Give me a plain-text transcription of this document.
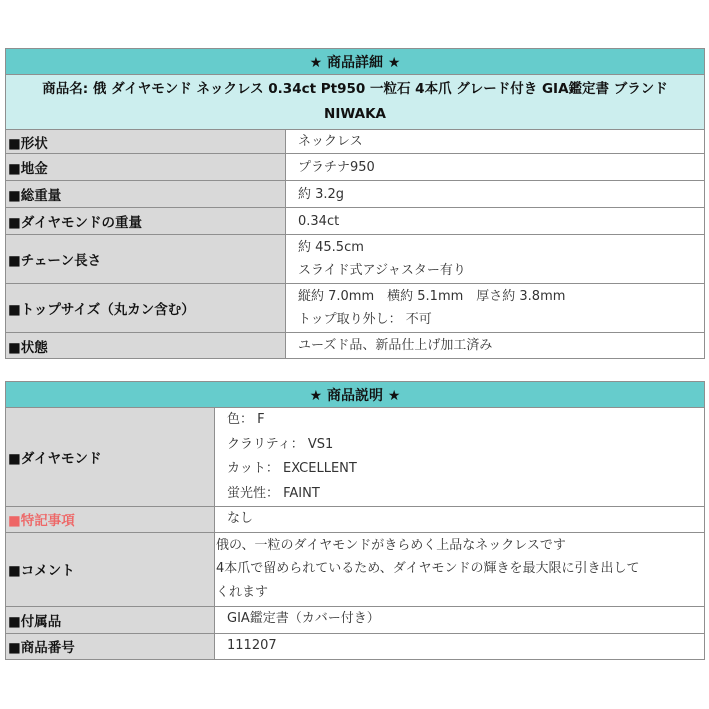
★ 商品詳細 ★	
商品名: 俄 ダイヤモンド ネックレス 0.34ct Pt950 一粒石 4本爪 グレード付き GIA鑑定書 ブランド NIWAKA	
■形状	ネックレス

■地金	プラチナ950

■総重量	約 3.2g

■ダイヤモンドの重量	0.34ct

■チェーン長さ	約 45.5cm
スライド式アジャスター有り

■トップサイズ（丸カン含む）	縦約 7.0mm　横約 5.1mm　厚さ約 3.8mm
トップ取り外し： 不可

■状態	ユーズド品、新品仕上げ加工済み
★ 商品説明 ★	
■ダイヤモンド	色： F
クラリティ： VS1
カット： EXCELLENT
蛍光性： FAINT

■特記事項	なし

■コメント	俄の、一粒のダイヤモンドがきらめく上品なネックレスです
4本爪で留められているため、ダイヤモンドの輝きを最大限に引き出して
くれます

■付属品	GIA鑑定書（カバー付き）

■商品番号	111207
